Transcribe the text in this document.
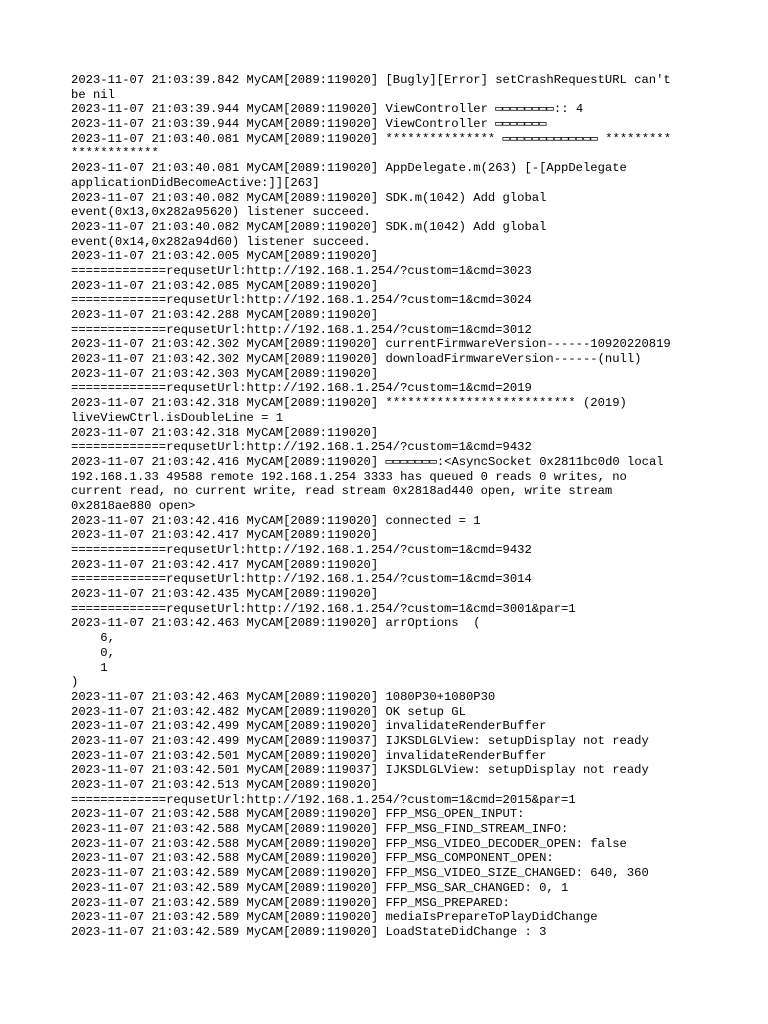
2023-11-07 21:03:39.842 MyCAM[2089:119020] [Bugly][Error] setCrashRequestURL can't
be nil
2023-11-07 21:03:39.944 MyCAM[2089:119020] ViewController ▭▭▭▭▭▭▭▭:: 4
2023-11-07 21:03:39.944 MyCAM[2089:119020] ViewController ▭▭▭▭▭▭▭
2023-11-07 21:03:40.081 MyCAM[2089:119020] *************** ▭▭▭▭▭▭▭▭▭▭▭▭▭ *********
************
2023-11-07 21:03:40.081 MyCAM[2089:119020] AppDelegate.m(263) [-[AppDelegate
applicationDidBecomeActive:]][263]
2023-11-07 21:03:40.082 MyCAM[2089:119020] SDK.m(1042) Add global
event(0x13,0x282a95620) listener succeed.
2023-11-07 21:03:40.082 MyCAM[2089:119020] SDK.m(1042) Add global
event(0x14,0x282a94d60) listener succeed.
2023-11-07 21:03:42.005 MyCAM[2089:119020]
=============requsetUrl:http://192.168.1.254/?custom=1&cmd=3023
2023-11-07 21:03:42.085 MyCAM[2089:119020]
=============requsetUrl:http://192.168.1.254/?custom=1&cmd=3024
2023-11-07 21:03:42.288 MyCAM[2089:119020]
=============requsetUrl:http://192.168.1.254/?custom=1&cmd=3012
2023-11-07 21:03:42.302 MyCAM[2089:119020] currentFirmwareVersion------10920220819
2023-11-07 21:03:42.302 MyCAM[2089:119020] downloadFirmwareVersion------(null)
2023-11-07 21:03:42.303 MyCAM[2089:119020]
=============requsetUrl:http://192.168.1.254/?custom=1&cmd=2019
2023-11-07 21:03:42.318 MyCAM[2089:119020] ************************** (2019)
liveViewCtrl.isDoubleLine = 1
2023-11-07 21:03:42.318 MyCAM[2089:119020]
=============requsetUrl:http://192.168.1.254/?custom=1&cmd=9432
2023-11-07 21:03:42.416 MyCAM[2089:119020] ▭▭▭▭▭▭▭:<AsyncSocket 0x2811bc0d0 local
192.168.1.33 49588 remote 192.168.1.254 3333 has queued 0 reads 0 writes, no
current read, no current write, read stream 0x2818ad440 open, write stream
0x2818ae880 open>
2023-11-07 21:03:42.416 MyCAM[2089:119020] connected = 1
2023-11-07 21:03:42.417 MyCAM[2089:119020]
=============requsetUrl:http://192.168.1.254/?custom=1&cmd=9432
2023-11-07 21:03:42.417 MyCAM[2089:119020]
=============requsetUrl:http://192.168.1.254/?custom=1&cmd=3014
2023-11-07 21:03:42.435 MyCAM[2089:119020]
=============requsetUrl:http://192.168.1.254/?custom=1&cmd=3001&par=1
2023-11-07 21:03:42.463 MyCAM[2089:119020] arrOptions  (
6,
0,
1
)
2023-11-07 21:03:42.463 MyCAM[2089:119020] 1080P30+1080P30
2023-11-07 21:03:42.482 MyCAM[2089:119020] OK setup GL
2023-11-07 21:03:42.499 MyCAM[2089:119020] invalidateRenderBuffer
2023-11-07 21:03:42.499 MyCAM[2089:119037] IJKSDLGLView: setupDisplay not ready
2023-11-07 21:03:42.501 MyCAM[2089:119020] invalidateRenderBuffer
2023-11-07 21:03:42.501 MyCAM[2089:119037] IJKSDLGLView: setupDisplay not ready
2023-11-07 21:03:42.513 MyCAM[2089:119020]
=============requsetUrl:http://192.168.1.254/?custom=1&cmd=2015&par=1
2023-11-07 21:03:42.588 MyCAM[2089:119020] FFP_MSG_OPEN_INPUT:
2023-11-07 21:03:42.588 MyCAM[2089:119020] FFP_MSG_FIND_STREAM_INFO:
2023-11-07 21:03:42.588 MyCAM[2089:119020] FFP_MSG_VIDEO_DECODER_OPEN: false
2023-11-07 21:03:42.588 MyCAM[2089:119020] FFP_MSG_COMPONENT_OPEN:
2023-11-07 21:03:42.589 MyCAM[2089:119020] FFP_MSG_VIDEO_SIZE_CHANGED: 640, 360
2023-11-07 21:03:42.589 MyCAM[2089:119020] FFP_MSG_SAR_CHANGED: 0, 1
2023-11-07 21:03:42.589 MyCAM[2089:119020] FFP_MSG_PREPARED:
2023-11-07 21:03:42.589 MyCAM[2089:119020] mediaIsPrepareToPlayDidChange
2023-11-07 21:03:42.589 MyCAM[2089:119020] LoadStateDidChange : 3
